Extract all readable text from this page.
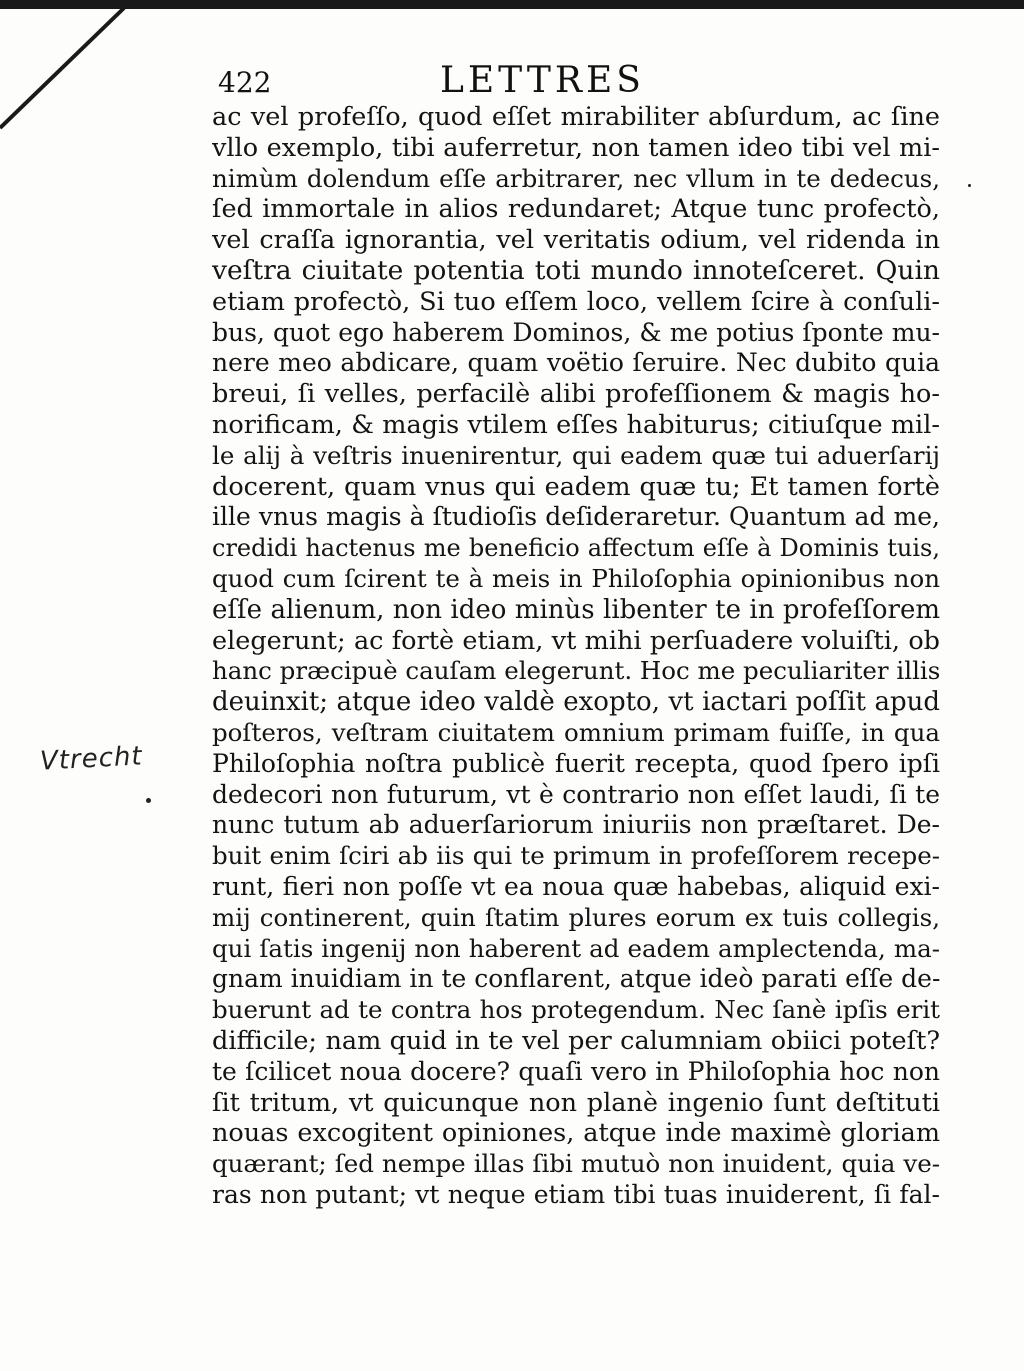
422	LETTRES
ac vel profeſſo, quod eſſet mirabiliter abſurdum, ac ſine
vllo exemplo, tibi auferretur, non tamen ideo tibi vel mi-
nimùm dolendum eſſe arbitrarer, nec vllum in te dedecus,
ſed immortale in alios redundaret; Atque tunc profectò,
vel craſſa ignorantia, vel veritatis odium, vel ridenda in
veſtra ciuitate potentia toti mundo innoteſceret. Quin
etiam profectò, Si tuo eſſem loco, vellem ſcire à conſuli-
bus, quot ego haberem Dominos, & me potius ſponte mu-
nere meo abdicare, quam voëtio ſeruire. Nec dubito quia
breui, ſi velles, perfacilè alibi profeſſionem & magis ho-
norificam, & magis vtilem eſſes habiturus; citiuſque mil-
le alij à veſtris inuenirentur, qui eadem quæ tui aduerſarij
docerent, quam vnus qui eadem quæ tu; Et tamen fortè
ille vnus magis à ſtudioſis deſideraretur. Quantum ad me,
credidi hactenus me beneficio affectum eſſe à Dominis tuis,
quod cum ſcirent te à meis in Philoſophia opinionibus non
eſſe alienum, non ideo minùs libenter te in profeſſorem
elegerunt; ac fortè etiam, vt mihi perſuadere voluiſti, ob
hanc præcipuè cauſam elegerunt. Hoc me peculiariter illis
deuinxit; atque ideo valdè exopto, vt iactari poſſit apud
poſteros, veſtram ciuitatem omnium primam fuiſſe, in qua
Philoſophia noſtra publicè fuerit recepta, quod ſpero ipſi
dedecori non futurum, vt è contrario non eſſet laudi, ſi te
nunc tutum ab aduerſariorum iniuriis non præſtaret. De-
buit enim ſciri ab iis qui te primum in profeſſorem recepe-
runt, fieri non poſſe vt ea noua quæ habebas, aliquid exi-
mij continerent, quin ſtatim plures eorum ex tuis collegis,
qui ſatis ingenij non haberent ad eadem amplectenda, ma-
gnam inuidiam in te conflarent, atque ideò parati eſſe de-
buerunt ad te contra hos protegendum. Nec ſanè ipſis erit
difficile; nam quid in te vel per calumniam obiici poteſt?
te ſcilicet noua docere? quaſi vero in Philoſophia hoc non
ſit tritum, vt quicunque non planè ingenio ſunt deſtituti
nouas excogitent opiniones, atque inde maximè gloriam
quærant; ſed nempe illas ſibi mutuò non inuident, quia ve-
ras non putant; vt neque etiam tibi tuas inuiderent, ſi fal-
Vtrecht
